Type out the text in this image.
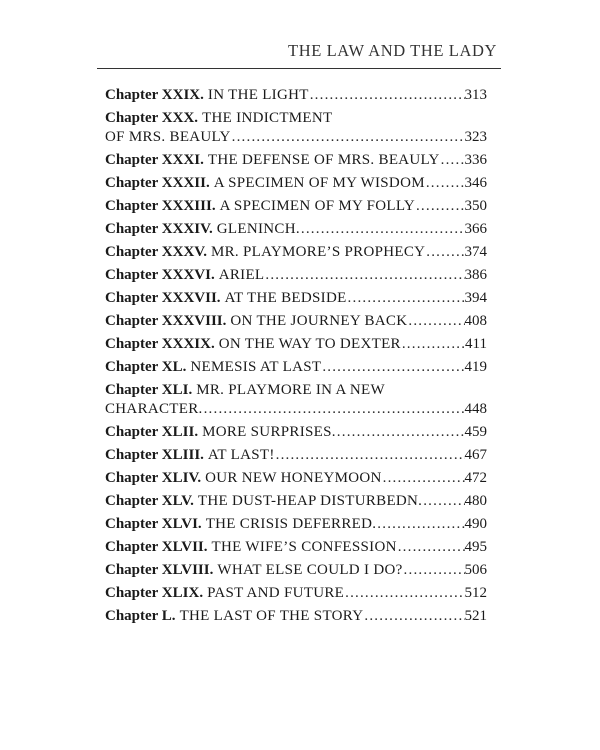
THE LAW AND THE LADY
Chapter XXIX. IN THE LIGHT .....	313
Chapter XXX. THE INDICTMENT
OF MRS. BEAULY .....	323
Chapter XXXI. THE DEFENSE OF MRS. BEAULY ..... 336
Chapter XXXII. A SPECIMEN OF MY WISDOM .....	346
Chapter XXXIII. A SPECIMEN OF MY FOLLY .....	350
Chapter XXXIV. GLENINCH. .....	366
Chapter XXXV. MR. PLAYMORE’S PROPHECY .....	374
Chapter XXXVI. ARIEL .....	386
Chapter XXXVII. AT THE BEDSIDE .....	394
Chapter XXXVIII. ON THE JOURNEY BACK .....	408
Chapter XXXIX. ON THE WAY TO DEXTER .....	411
Chapter XL. NEMESIS AT LAST .....	419
Chapter XLI. MR. PLAYMORE IN A NEW
CHARACTER. .....	448
Chapter XLII. MORE SURPRISES. .....	459
Chapter XLIII. AT LAST! .....	467
Chapter XLIV. OUR NEW HONEYMOON .....	472
Chapter XLV. THE DUST-HEAP DISTURBEDN. .....	480
Chapter XLVI. THE CRISIS DEFERRED. .....	490
Chapter XLVII. THE WIFE’S CONFESSION .....	495
Chapter XLVIII. WHAT ELSE COULD I DO? .....	506
Chapter XLIX. PAST AND FUTURE .....	512
Chapter L. THE LAST OF THE STORY .....	521
